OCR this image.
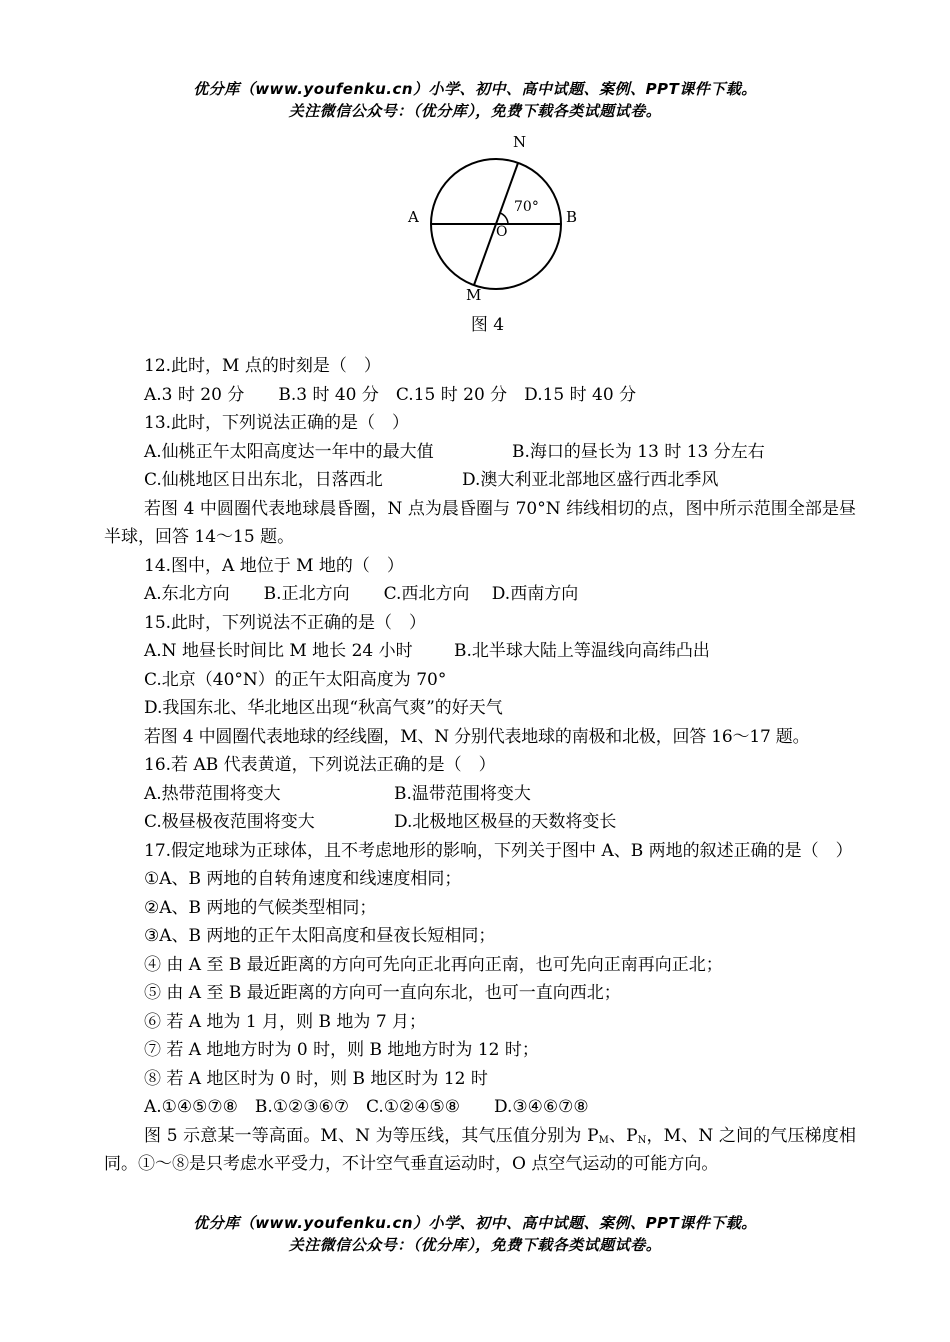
优分库（www.youfenku.cn）小学、初中、高中试题、案例、PPT课件下载。
关注微信公众号：（优分库），免费下载各类试题试卷。
N
M
A	B
O
70°
图 4

12.此时，M 点的时刻是（　）

A.3 时 20 分　　B.3 时 40 分　C.15 时 20 分　D.15 时 40 分

13.此时，下列说法正确的是（　）

A.仙桃正午太阳高度达一年中的最大值	B.海口的昼长为 13 时 13 分左右
C.仙桃地区日出东北，日落西北	D.澳大利亚北部地区盛行西北季风

若图 4 中圆圈代表地球晨昏圈，N 点为晨昏圈与 70°N 纬线相切的点，图中所示范围全部是昼半球，回答 14～15 题。

14.图中，A 地位于 M 地的（　）

A.东北方向　　B.正北方向　　C.西北方向　 D.西南方向

15.此时，下列说法不正确的是（　）

A.N 地昼长时间比 M 地长 24 小时	B.北半球大陆上等温线向高纬凸出

C.北京（40°N）的正午太阳高度为 70°

D.我国东北、华北地区出现“秋高气爽”的好天气

若图 4 中圆圈代表地球的经线圈，M、N 分别代表地球的南极和北极，回答 16～17 题。

16.若 AB 代表黄道，下列说法正确的是（　）

A.热带范围将变大	B.温带范围将变大
C.极昼极夜范围将变大	D.北极地区极昼的天数将变长

17.假定地球为正球体，且不考虑地形的影响，下列关于图中 A、B 两地的叙述正确的是（　）

①A、B 两地的自转角速度和线速度相同；

②A、B 两地的气候类型相同；

③A、B 两地的正午太阳高度和昼夜长短相同；

④ 由 A 至 B 最近距离的方向可先向正北再向正南，也可先向正南再向正北；

⑤ 由 A 至 B 最近距离的方向可一直向东北，也可一直向西北；

⑥ 若 A 地为 1 月，则 B 地为 7 月；

⑦ 若 A 地地方时为 0 时，则 B 地地方时为 12 时；

⑧ 若 A 地区时为 0 时，则 B 地区时为 12 时

A.①④⑤⑦⑧　B.①②③⑥⑦　C.①②④⑤⑧　　D.③④⑥⑦⑧

图 5 示意某一等高面。M、N 为等压线，其气压值分别为 $P_M$、$P_N$，M、N 之间的气压梯度相同。①～⑧是只考虑水平受力，不计空气垂直运动时，O 点空气运动的可能方向。

优分库（www.youfenku.cn）小学、初中、高中试题、案例、PPT课件下载。
关注微信公众号：（优分库），免费下载各类试题试卷。
